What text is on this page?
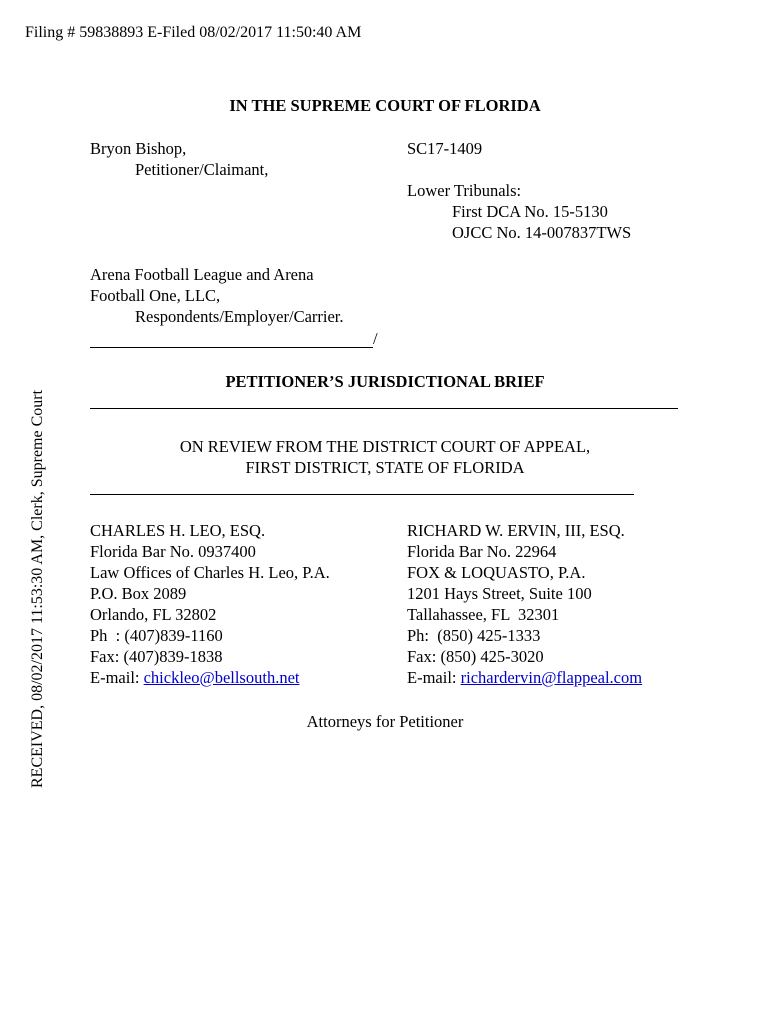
Filing # 59838893 E-Filed 08/02/2017 11:50:40 AM
RECEIVED, 08/02/2017 11:53:30 AM, Clerk, Supreme Court
IN THE SUPREME COURT OF FLORIDA
Bryon Bishop,
Petitioner/Claimant,
SC17-1409
Lower Tribunals:
First DCA No. 15-5130
OJCC No. 14-007837TWS
Arena Football League and Arena
Football One, LLC,
Respondents/Employer/Carrier.
/
PETITIONER’S JURISDICTIONAL BRIEF
ON REVIEW FROM THE DISTRICT COURT OF APPEAL,
FIRST DISTRICT, STATE OF FLORIDA
CHARLES H. LEO, ESQ.
Florida Bar No. 0937400
Law Offices of Charles H. Leo, P.A.
P.O. Box 2089
Orlando, FL 32802
Ph  : (407)839-1160
Fax: (407)839-1838
E-mail: chickleo@bellsouth.net
RICHARD W. ERVIN, III, ESQ.
Florida Bar No. 22964
FOX & LOQUASTO, P.A.
1201 Hays Street, Suite 100
Tallahassee, FL  32301
Ph:  (850) 425-1333
Fax: (850) 425-3020
E-mail: richardervin@flappeal.com
Attorneys for Petitioner
